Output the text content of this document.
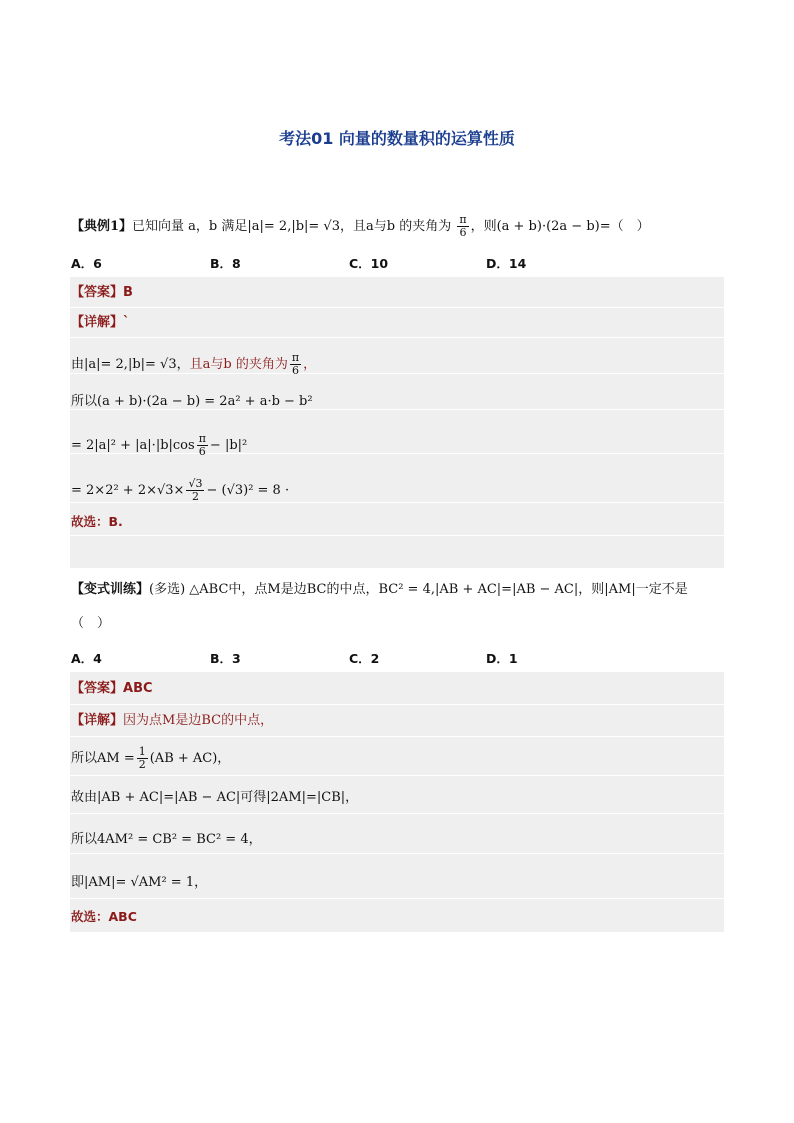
考法01 向量的数量积的运算性质
【典例1】已知向量 a，b 满足|a|= 2,|b|= √3，且a与b 的夹角为 $\frac{\pi}{6}$ ，则(a + b)·(2a − b)=（　）
A．6	B．8	C．10	D．14
【答案】B
【详解】`
由|a|= 2,|b|= √3，且a与b 的夹角为 $\frac{\pi}{6}$ ，
所以(a + b)·(2a − b) = 2a² + a·b − b²
= $2|a|^2 + |a|\cdot|b|\cos \frac{\pi}{6} - |b|^2$
= $2\times 2^2 + 2\times√3\times \frac{√3}{2} - (√3)^2 = 8$ ·
故选：B.
【变式训练】(多选) △ABC中，点M是边BC的中点，BC² = 4,|AB + AC|=|AB − AC|，则|AM|一定不是
（　）
A．4	B．3	C．2	D．1
【答案】ABC
【详解】因为点M是边BC的中点，
所以AM = $\frac{1}{2} (AB + AC)$，
故由|AB + AC|=|AB − AC|可得|2AM|=|CB|，
所以4AM² = CB² = BC² = 4，
即|AM|= √AM² = 1，
故选：ABC
